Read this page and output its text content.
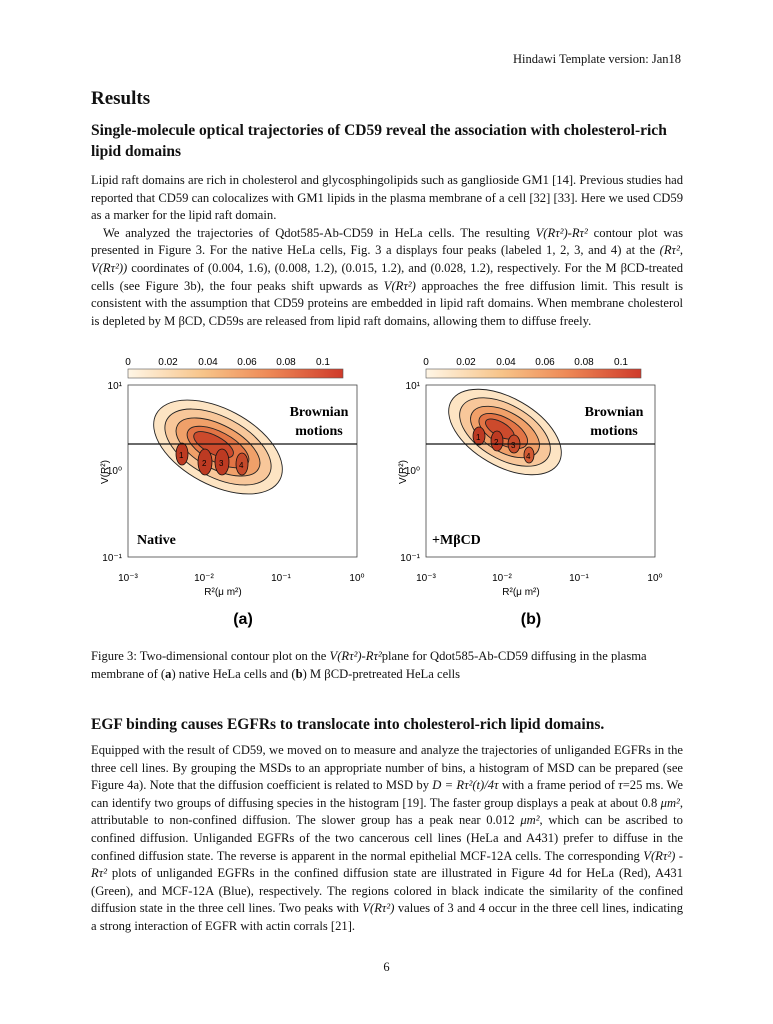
Hindawi Template version: Jan18
Results
Single-molecule optical trajectories of CD59 reveal the association with cholesterol-rich lipid domains

Lipid raft domains are rich in cholesterol and glycosphingolipids such as ganglioside GM1 [14]. Previous studies had reported that CD59 can colocalizes with GM1 lipids in the plasma membrane of a cell [32] [33]. Here we used CD59 as a marker for the lipid raft domain.

We analyzed the trajectories of Qdot585-Ab-CD59 in HeLa cells. The resulting V(Rτ²)-Rτ² contour plot was presented in Figure 3. For the native HeLa cells, Fig. 3 a displays four peaks (labeled 1, 2, 3, and 4) at the (Rτ², V(Rτ²)) coordinates of (0.004, 1.6), (0.008, 1.2), (0.015, 1.2), and (0.028, 1.2), respectively. For the M βCD-treated cells (see Figure 3b), the four peaks shift upwards as V(Rτ²) approaches the free diffusion limit. This result is consistent with the assumption that CD59 proteins are embedded in lipid raft domains. When membrane cholesterol is depleted by M βCD, CD59s are released from lipid raft domains, allowing them to diffuse freely.

0	0.02 0.04 0.06 0.08 0.1
1
2 3 4
Brownian
motions
Native
10¹
10⁰
10⁻¹
V(R²)
10⁻³	10⁻²	10⁻¹	10⁰
R²(μ m²)
(a)
0	0.02 0.04 0.06 0.08 0.1
1
2 3
4
Brownian
motions
+MβCD
10¹
10⁰
10⁻¹
V(R²)
10⁻³	10⁻²	10⁻¹	10⁰
R²(μ m²)
(b)

Figure 3: Two-dimensional contour plot on the V(Rτ²)-Rτ²plane for Qdot585-Ab-CD59 diffusing in the plasma membrane of (a) native HeLa cells and (b) M βCD-pretreated HeLa cells

EGF binding causes EGFRs to translocate into cholesterol-rich lipid domains.

Equipped with the result of CD59, we moved on to measure and analyze the trajectories of unliganded EGFRs in the three cell lines. By grouping the MSDs to an appropriate number of bins, a histogram of MSD can be prepared (see Figure 4a). Note that the diffusion coefficient is related to MSD by D = Rτ²(t)/4τ with a frame period of τ=25 ms. We can identify two groups of diffusing species in the histogram [19]. The faster group displays a peak at about 0.8 μm², attributable to non-confined diffusion. The slower group has a peak near 0.012 μm², which can be ascribed to confined diffusion. Unliganded EGFRs of the two cancerous cell lines (HeLa and A431) prefer to diffuse in the confined diffusion state. The reverse is apparent in the normal epithelial MCF-12A cells. The corresponding V(Rτ²) -Rτ² plots of unliganded EGFRs in the confined diffusion state are illustrated in Figure 4d for HeLa (Red), A431 (Green), and MCF-12A (Blue), respectively. The regions colored in black indicate the similarity of the confined diffusion state in the three cell lines. Two peaks with V(Rτ²) values of 3 and 4 occur in the three cell lines, indicating a strong interaction of EGFR with actin corrals [21].

6
